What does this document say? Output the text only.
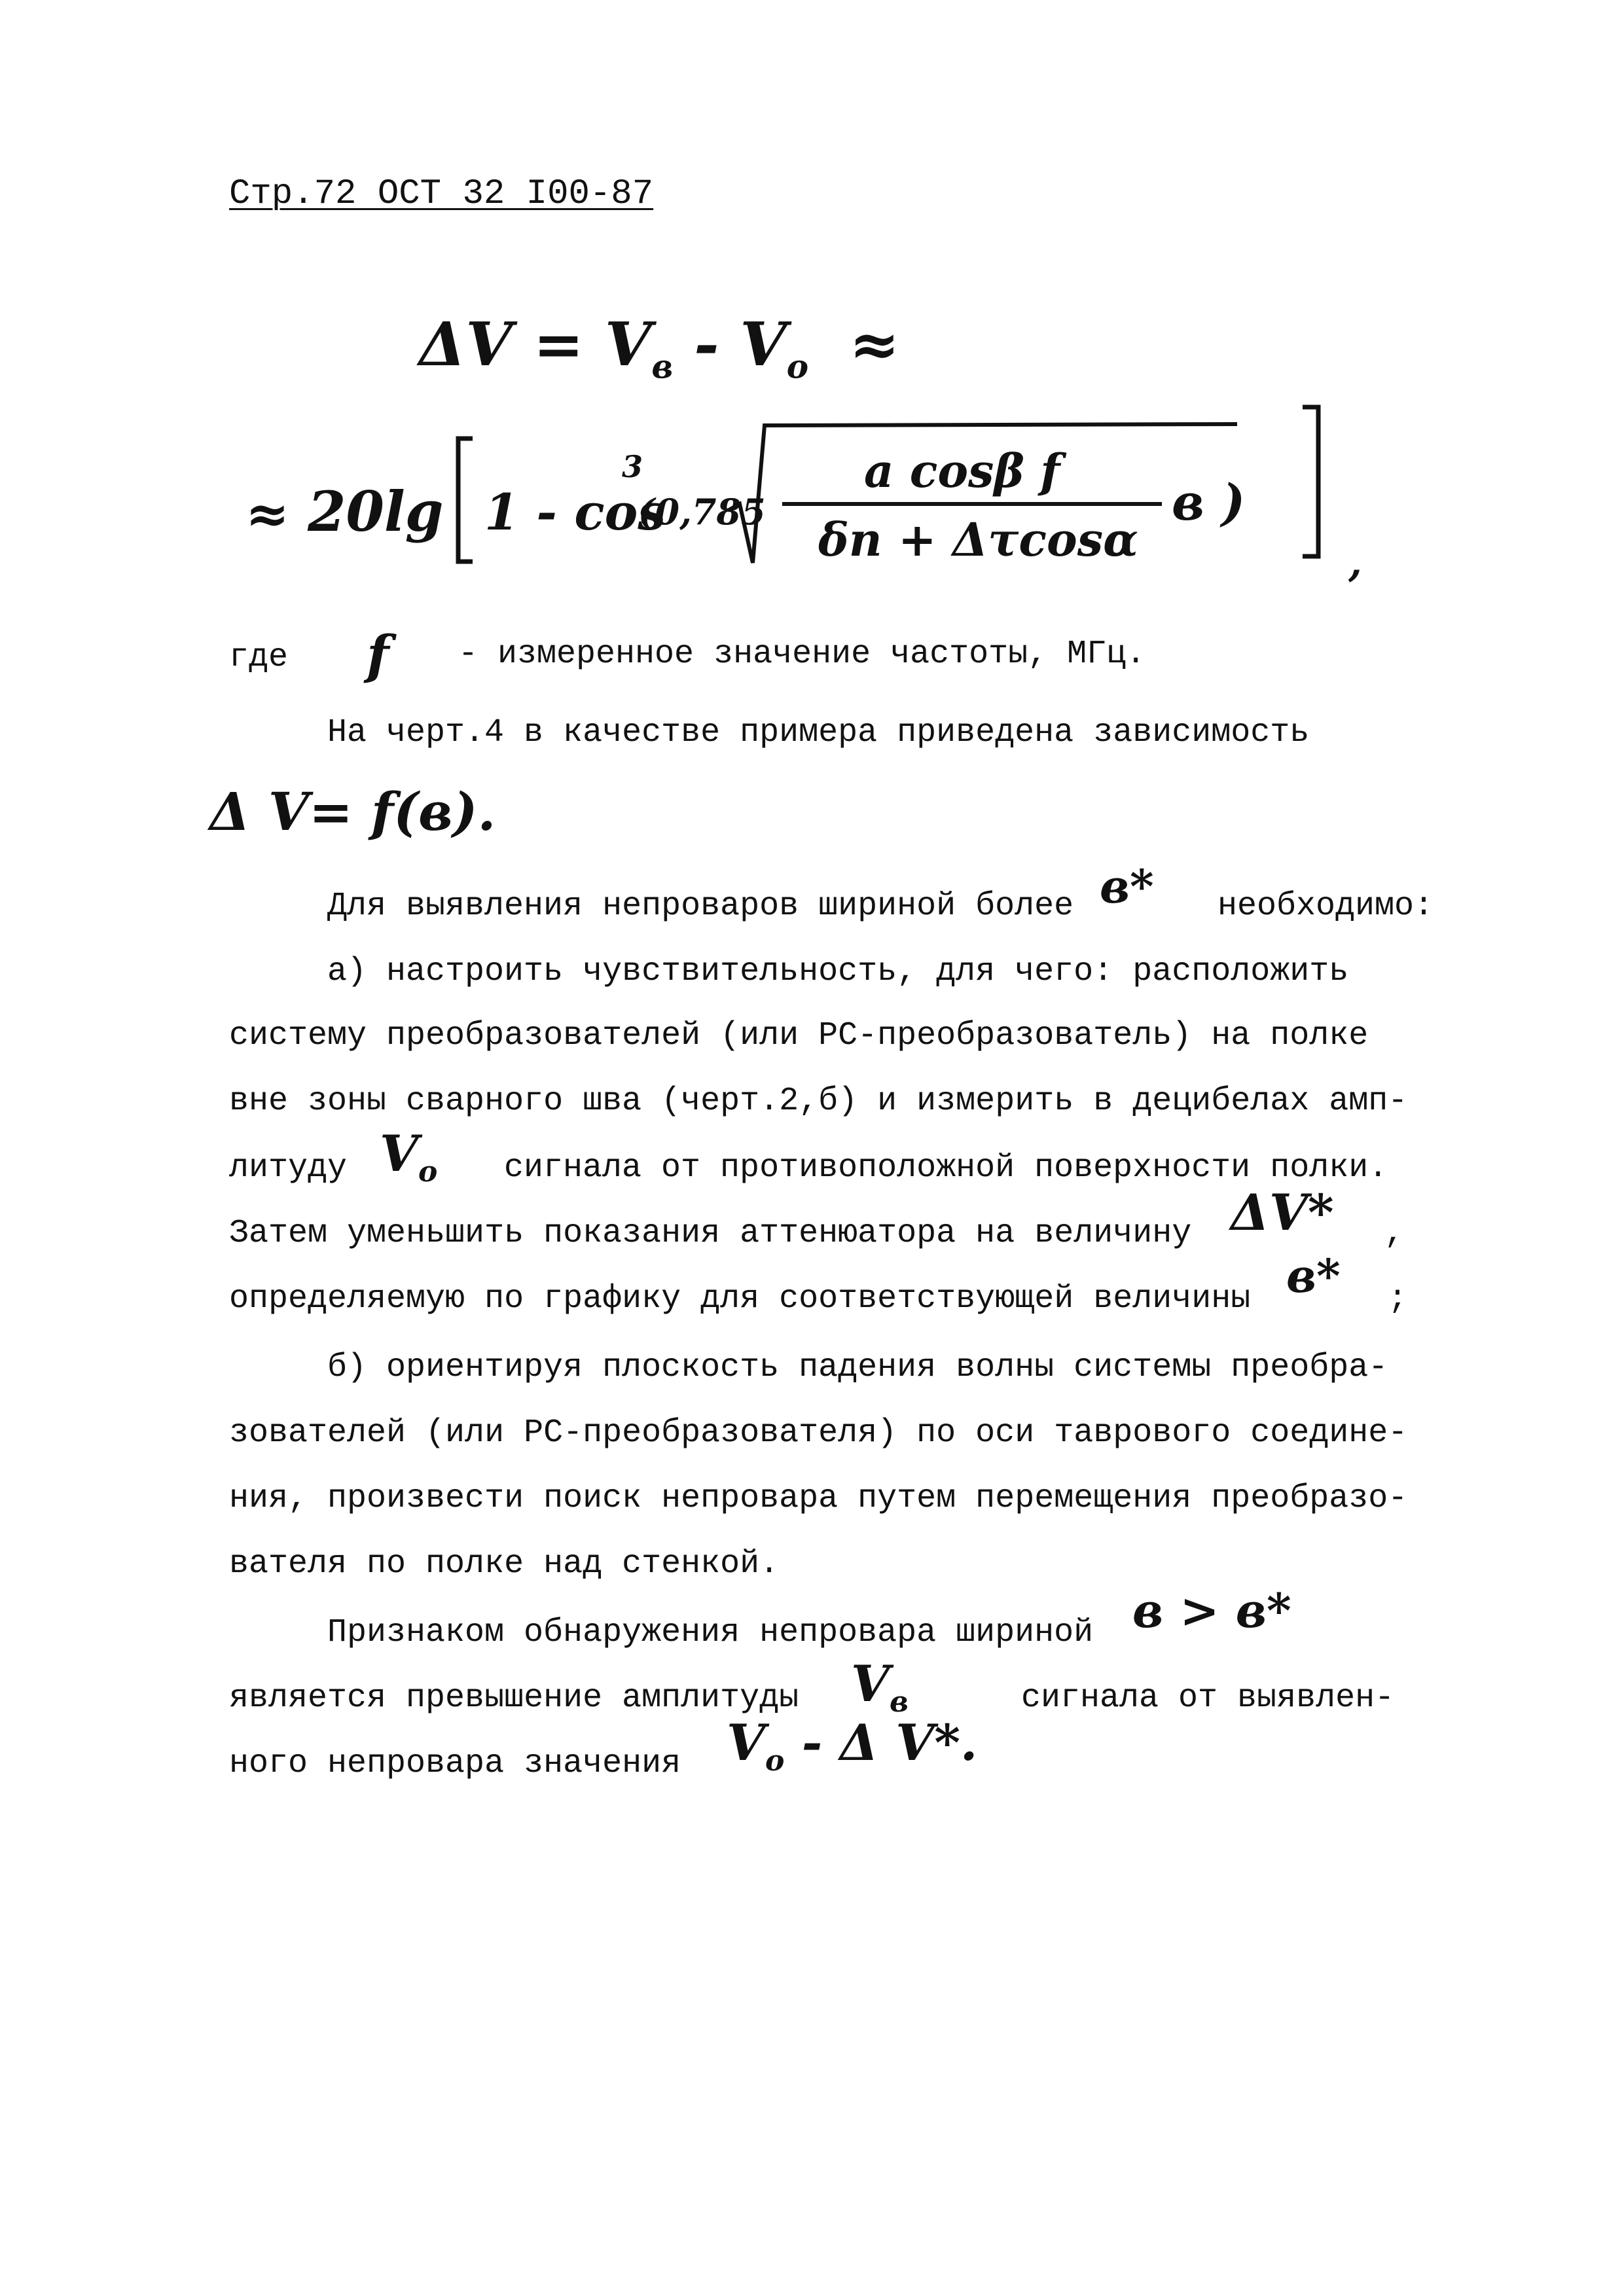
Стр.72 ОСТ 32 I00-87
$\Delta V = V_в - V_o$ ≈
≈ 20lg 1 - cos
3
(0,785
a cosβ f
δn + Δτcosα
в )
,
где f - измеренное значение частоты, МГц.
На черт.4 в качестве примера приведена зависимость
Δ V= f(в).
Для выявления непроваров шириной более в* необходимо:
а) настроить чувствительность, для чего: расположить
систему преобразователей (или РС-преобразователь) на полке
вне зоны сварного шва (черт.2,б) и измерить в децибелах амп-
литуду $V_o$ сигнала от противоположной поверхности полки.
Затем уменьшить показания аттенюатора на величину ΔV* ,
определяемую по графику для соответствующей величины в* ;
б) ориентируя плоскость падения волны системы преобра-
зователей (или РС-преобразователя) по оси таврового соедине-
ния, произвести поиск непровара путем перемещения преобразо-
вателя по полке над стенкой.
Признаком обнаружения непровара шириной в > в*
является превышение амплитуды $V_в$	сигнала от выявлен-
ного непровара значения $V_o$ - Δ V*.
